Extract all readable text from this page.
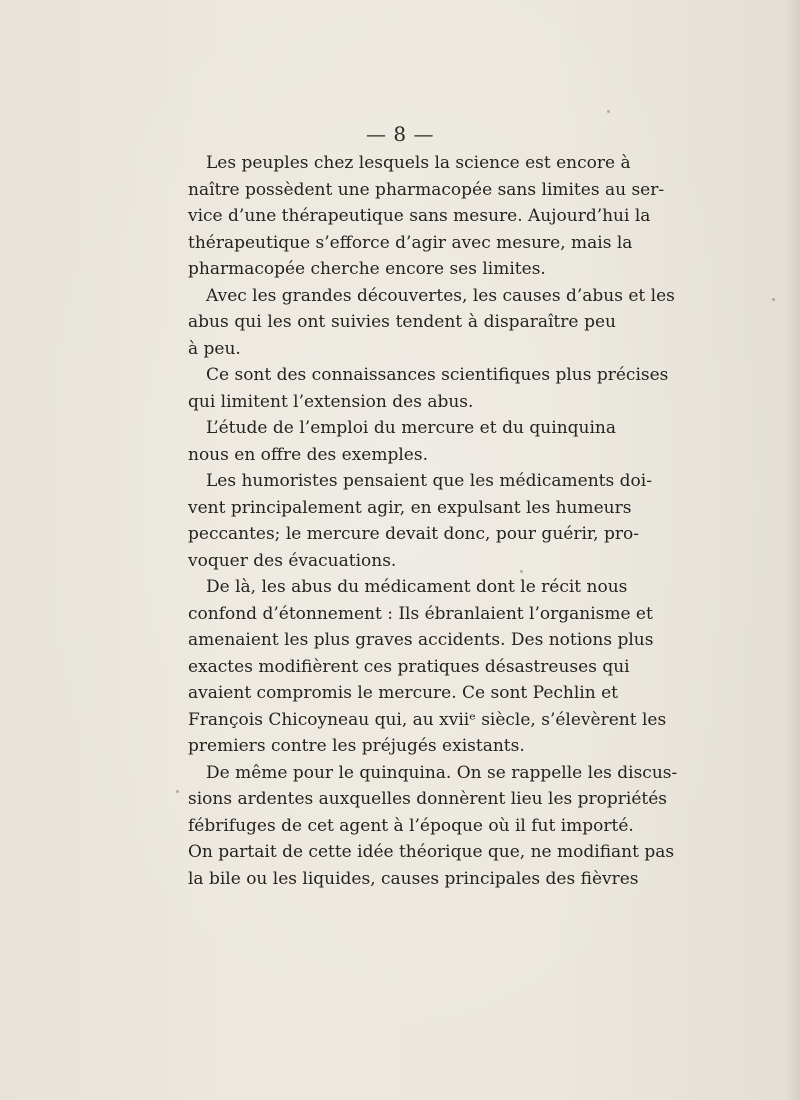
— 8 —
Les peuples chez lesquels la science est encore à
naître possèdent une pharmacopée sans limites au ser-
vice d’une thérapeutique sans mesure. Aujourd’hui la
thérapeutique s’efforce d’agir avec mesure, mais la
pharmacopée cherche encore ses limites.
Avec les grandes découvertes, les causes d’abus et les
abus qui les ont suivies tendent à disparaître peu
à peu.
Ce sont des connaissances scientifiques plus précises
qui limitent l’extension des abus.
L’étude de l’emploi du mercure et du quinquina
nous en offre des exemples.
Les humoristes pensaient que les médicaments doi-
vent principalement agir, en expulsant les humeurs
peccantes; le mercure devait donc, pour guérir, pro-
voquer des évacuations.
De là, les abus du médicament dont le récit nous
confond d’étonnement : Ils ébranlaient l’organisme et
amenaient les plus graves accidents. Des notions plus
exactes modifièrent ces pratiques désastreuses qui
avaient compromis le mercure. Ce sont Pechlin et
François Chicoyneau qui, au xviiᵉ siècle, s’élevèrent les
premiers contre les préjugés existants.
De même pour le quinquina. On se rappelle les discus-
sions ardentes auxquelles donnèrent lieu les propriétés
fébrifuges de cet agent à l’époque où il fut importé.
On partait de cette idée théorique que, ne modifiant pas
la bile ou les liquides, causes principales des fièvres
